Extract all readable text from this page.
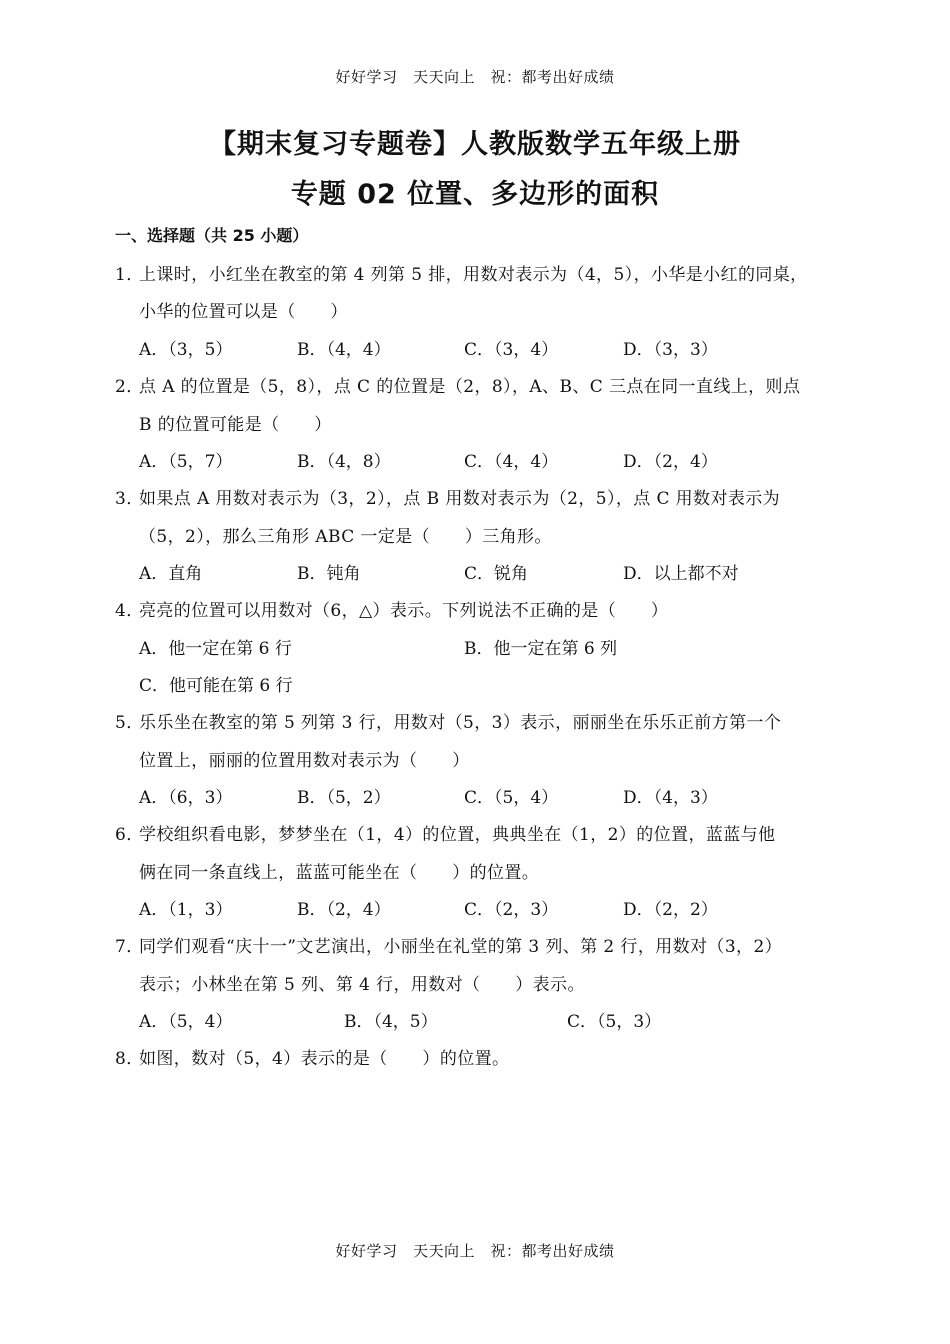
好好学习　天天向上　祝：都考出好成绩
【期末复习专题卷】人教版数学五年级上册
专题 02 位置、多边形的面积
一、选择题（共 25 小题）
1．上课时，小红坐在教室的第 4 列第 5 排，用数对表示为（4，5），小华是小红的同桌，
小华的位置可以是（　　）
A．（3，5）	B．（4，4）	C．（3，4）	D．（3，3）
2．点 A 的位置是（5，8），点 C 的位置是（2，8），A、B、C 三点在同一直线上，则点
B 的位置可能是（　　）
A．（5，7）	B．（4，8）	C．（4，4）	D．（2，4）
3．如果点 A 用数对表示为（3，2），点 B 用数对表示为（2，5），点 C 用数对表示为
（5，2），那么三角形 ABC 一定是（　　）三角形。
A．直角	B．钝角	C．锐角	D．以上都不对
4．亮亮的位置可以用数对（6，△）表示。下列说法不正确的是（　　）
A．他一定在第 6 行	B．他一定在第 6 列
C．他可能在第 6 行
5．乐乐坐在教室的第 5 列第 3 行，用数对（5，3）表示，丽丽坐在乐乐正前方第一个
位置上，丽丽的位置用数对表示为（　　）
A．（6，3）	B．（5，2）	C．（5，4）	D．（4，3）
6．学校组织看电影，梦梦坐在（1，4）的位置，典典坐在（1，2）的位置，蓝蓝与他
俩在同一条直线上，蓝蓝可能坐在（　　）的位置。
A．（1，3）	B．（2，4）	C．（2，3）	D．（2，2）
7．同学们观看“庆十一”文艺演出，小丽坐在礼堂的第 3 列、第 2 行，用数对（3，2）
表示；小林坐在第 5 列、第 4 行，用数对（　　）表示。
A．（5，4）	B．（4，5）	C．（5，3）
8．如图，数对（5，4）表示的是（　　）的位置。
好好学习　天天向上　祝：都考出好成绩
